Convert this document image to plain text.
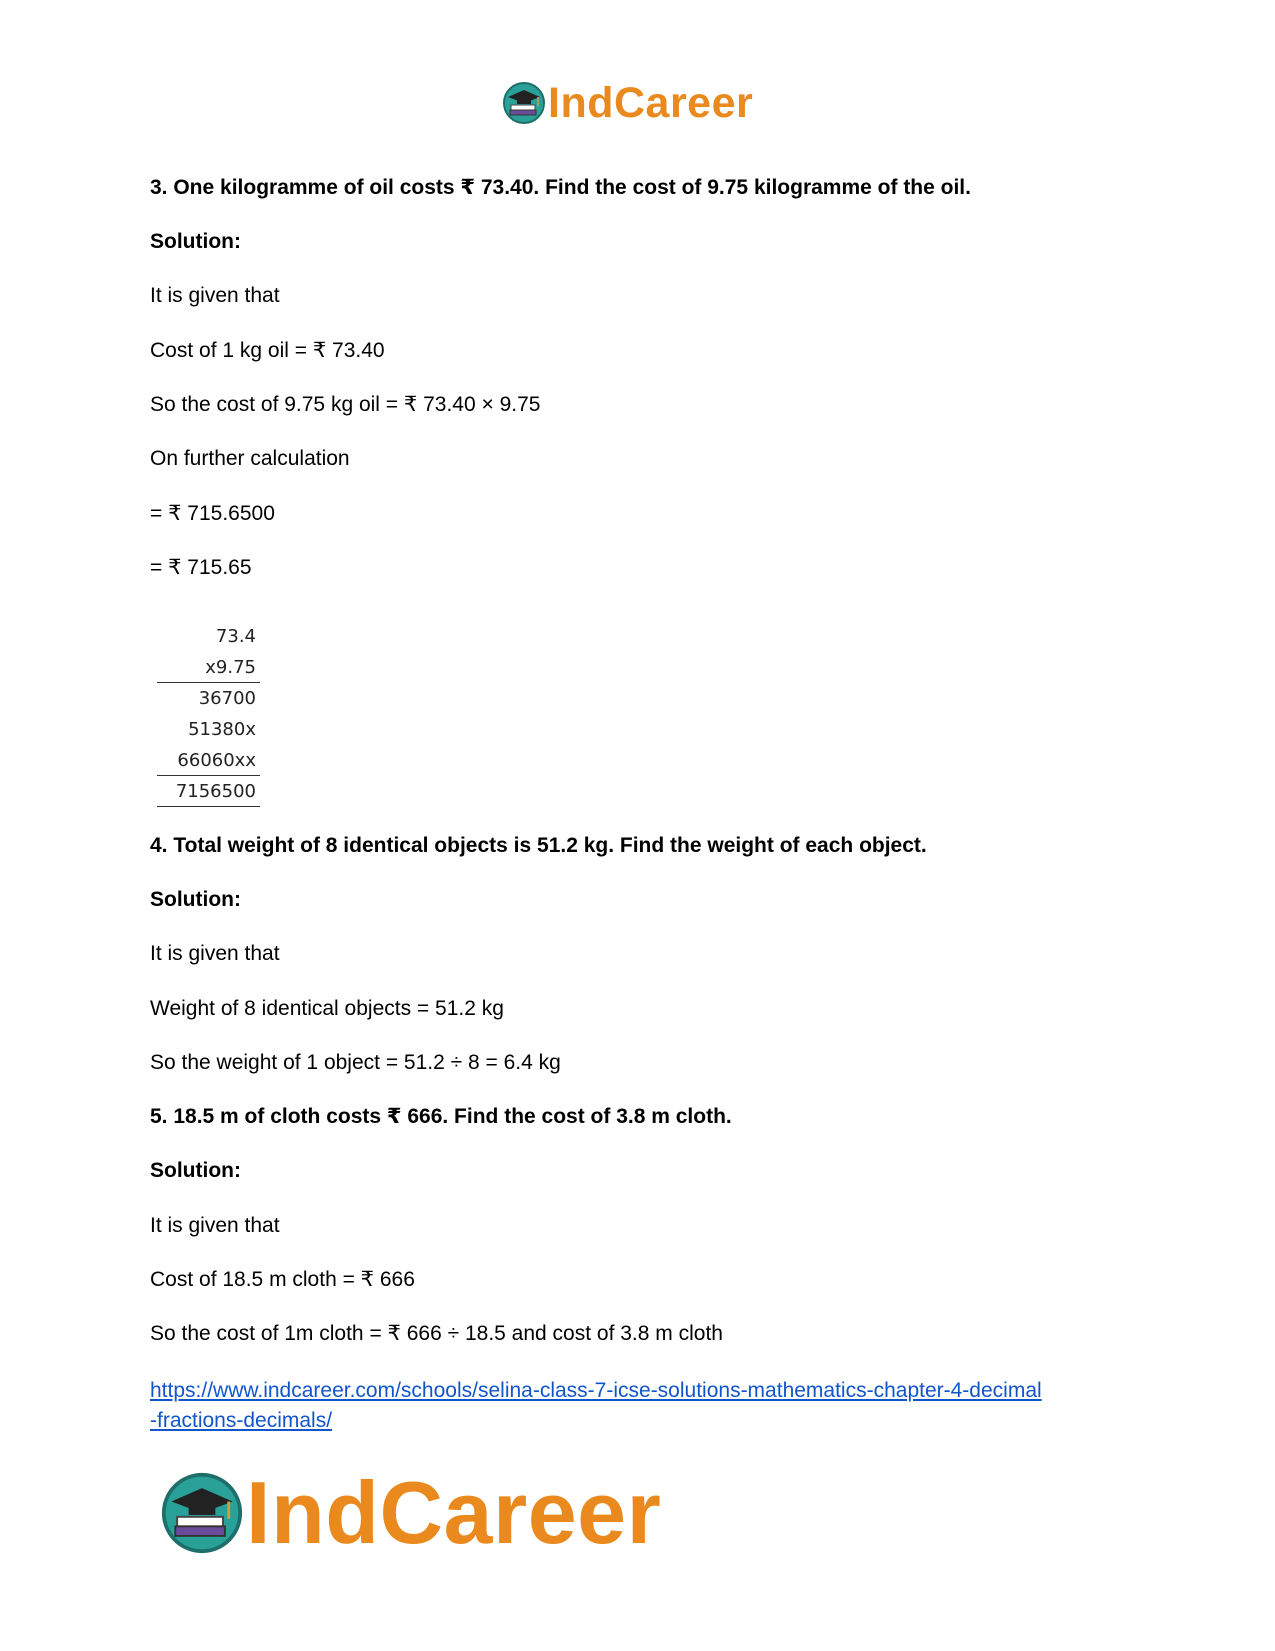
IndCareer
3. One kilogramme of oil costs ₹ 73.40. Find the cost of 9.75 kilogramme of the oil.
Solution:
It is given that
Cost of 1 kg oil = ₹ 73.40
So the cost of 9.75 kg oil = ₹ 73.40 × 9.75
On further calculation
= ₹ 715.6500
= ₹ 715.65
73.4
x9.75
36700
51380x
66060xx
7156500
4. Total weight of 8 identical objects is 51.2 kg. Find the weight of each object.
Solution:
It is given that
Weight of 8 identical objects = 51.2 kg
So the weight of 1 object = 51.2 ÷ 8 = 6.4 kg
5. 18.5 m of cloth costs ₹ 666. Find the cost of 3.8 m cloth.
Solution:
It is given that
Cost of 18.5 m cloth = ₹ 666
So the cost of 1m cloth = ₹ 666 ÷ 18.5 and cost of 3.8 m cloth
https://www.indcareer.com/schools/selina-class-7-icse-solutions-mathematics-chapter-4-decimal
-fractions-decimals/
IndCareer
